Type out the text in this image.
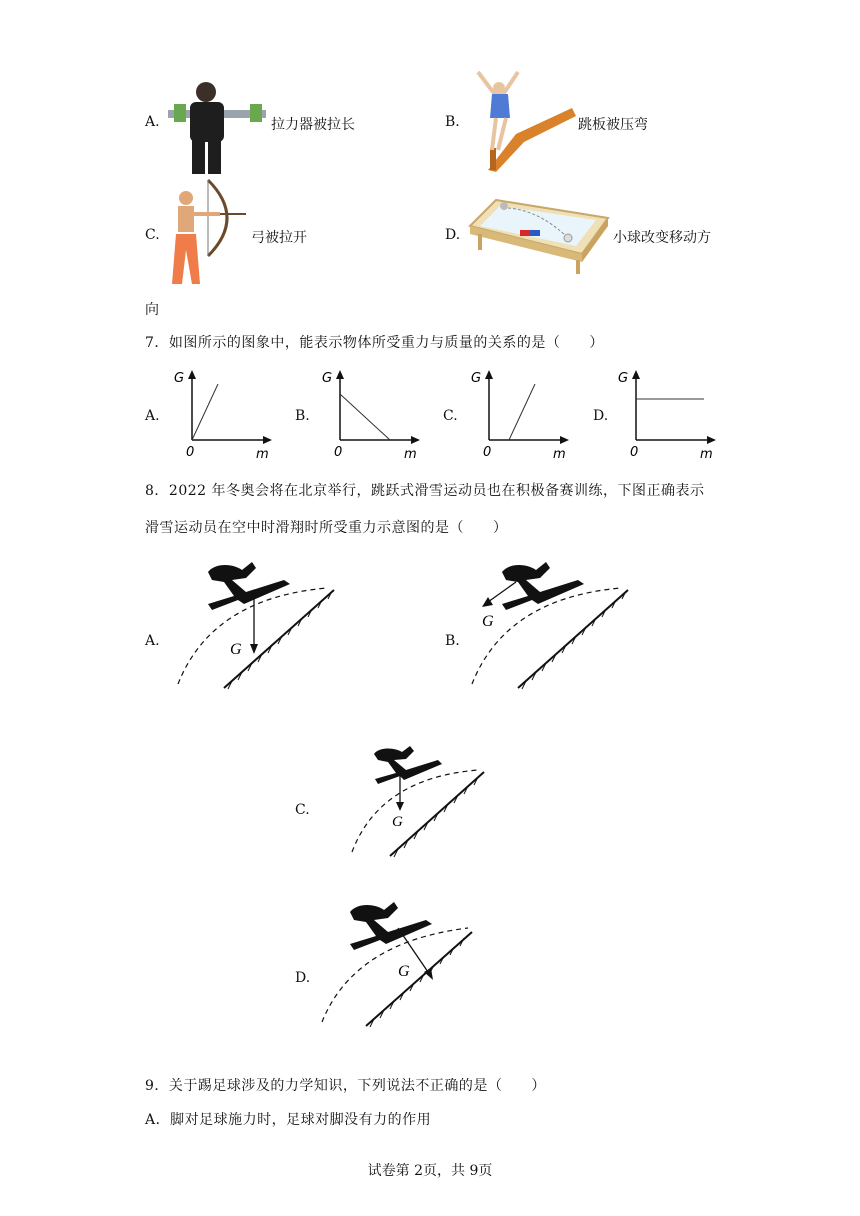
A.	拉力器被拉长	B.	跳板被压弯
C.	弓被拉开	D.	小球改变移动方
向
7．如图所示的图象中，能表示物体所受重力与质量的关系的是（　　）
A.	B.	C.	D.
G
0	m
G
0	m
G
0	m
G
0	m
8．2022 年冬奥会将在北京举行，跳跃式滑雪运动员也在积极备赛训练，下图正确表示
滑雪运动员在空中时滑翔时所受重力示意图的是（　　）
A.	B.
C.
D.
G
G
G
G
9．关于踢足球涉及的力学知识，下列说法不正确的是（　　）
A．脚对足球施力时，足球对脚没有力的作用
试卷第 2页，共 9页
